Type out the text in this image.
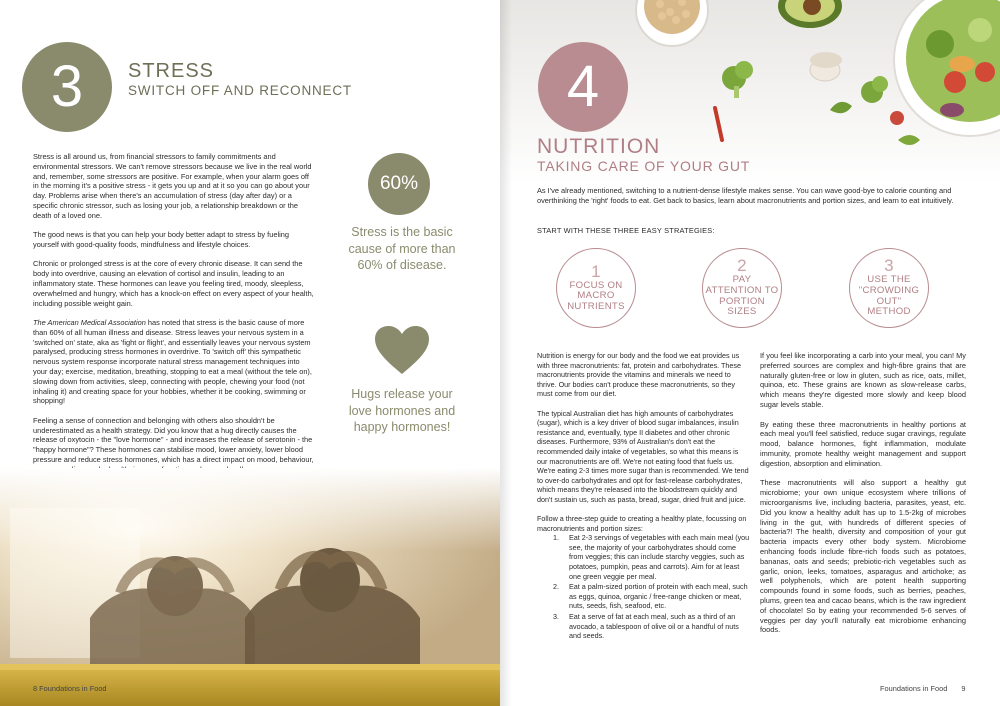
3	STRESS
SWITCH OFF AND RECONNECT

Stress is all around us, from financial stressors to family commitments and environmental stressors. We can't remove stressors because we live in the real world and, remember, some stressors are positive. For example, when your alarm goes off in the morning it's a positive stress - it gets you up and at it so you can go about your day. Problems arise when there's an accumulation of stress (day after day) or a specific chronic stressor, such as losing your job, a relationship breakdown or the death of a loved one.

The good news is that you can help your body better adapt to stress by fueling yourself with good-quality foods, mindfulness and lifestyle choices.

Chronic or prolonged stress is at the core of every chronic disease. It can send the body into overdrive, causing an elevation of cortisol and insulin, leading to an inflammatory state. These hormones can leave you feeling tired, moody, sleepless, overwhelmed and hungry, which has a knock-on effect on every aspect of your health, including possible weight gain.

The American Medical Association has noted that stress is the basic cause of more than 60% of all human illness and disease. Stress leaves your nervous system in a 'switched on' state, aka as 'fight or flight', and essentially leaves your nervous system paralysed, producing stress hormones in overdrive. To 'switch off' this sympathetic nervous system response incorporate natural stress management techniques into your day; exercise, meditation, breathing, stopping to eat a meal (without the tele on), slowing down from activities, sleep, connecting with people, chewing your food (not inhaling it) and creating space for your hobbies, whether it be cooking, swimming or shopping!

Feeling a sense of connection and belonging with others also shouldn't be underestimated as a health strategy. Did you know that a hug directly causes the release of oxytocin - the "love hormone" - and increases the release of serotonin - the "happy hormone"? These hormones can stabilise mood, lower anxiety, lower blood pressure and reduce stress hormones, which has a direct impact on mood, behaviour,

60%
Stress is the basic cause of more than 60% of disease.
Hugs release your love hormones and happy hormones!
8 Foundations in Food
4
NUTRITION
TAKING CARE OF YOUR GUT
As I've already mentioned, switching to a nutrient-dense lifestyle makes sense. You can wave good-bye to calorie counting and overthinking the 'right' foods to eat. Get back to basics, learn about macronutrients and portion sizes, and learn to eat intuitively.
START WITH THESE THREE EASY STRATEGIES:
1
FOCUS ON
MACRO
NUTRIENTS
2
PAY
ATTENTION TO
PORTION
SIZES
3
USE THE
"CROWDING
OUT"
METHOD

Nutrition is energy for our body and the food we eat provides us with three macronutrients: fat, protein and carbohydrates. These macronutrients provide the vitamins and minerals we need to thrive. Our bodies can't produce these macronutrients, so they must come from our diet.

The typical Australian diet has high amounts of carbohydrates (sugar), which is a key driver of blood sugar imbalances, insulin resistance and, eventually, type II diabetes and other chronic diseases. Furthermore, 93% of Australian's don't eat the recommended daily intake of vegetables, so what this means is our macronutrients are off. We're not eating food that fuels us. We're eating 2-3 times more sugar than is recommended. We tend to over-do carbohydrates and opt for fast-release carbohydrates, which means they're released into the bloodstream quickly and don't sustain us, such as pasta, bread, sugar, dried fruit and juice.

Follow a three-step guide to creating a healthy plate, focussing on macronutrients and portion sizes:

1. Eat 2-3 servings of vegetables with each main meal (you see, the majority of your carbohydrates should come from veggies; this can include starchy veggies, such as potatoes, pumpkin, peas and carrots). Aim for at least one green veggie per meal.
2. Eat a palm-sized portion of protein with each meal, such as eggs, quinoa, organic / free-range chicken or meat, nuts, seeds, fish, seafood, etc.
3. Eat a serve of fat at each meal, such as a third of an avocado, a tablespoon of olive oil or a handful of nuts and seeds.

If you feel like incorporating a carb into your meal, you can! My preferred sources are complex and high-fibre grains that are naturally gluten-free or low in gluten, such as rice, oats, millet, quinoa, etc. These grains are known as slow-release carbs, which means they're digested more slowly and keep blood sugar levels stable.

By eating these three macronutrients in healthy portions at each meal you'll feel satisfied, reduce sugar cravings, regulate mood, balance hormones, fight inflammation, modulate immunity, promote healthy weight management and support digestion, absorption and elimination.

These macronutrients will also support a healthy gut microbiome; your own unique ecosystem where trillions of microorganisms live, including bacteria, parasites, yeast, etc. Did you know a healthy adult has up to 1.5-2kg of microbes living in the gut, with hundreds of different species of bacteria?! The health, diversity and composition of your gut bacteria impacts every other body system. Microbiome enhancing foods include fibre-rich foods such as potatoes, bananas, oats and seeds; prebiotic-rich vegetables such as garlic, onion, leeks, tomatoes, asparagus and artichoke; as well polyphenols, which are potent health supporting compounds found in some foods, such as berries, peaches, plums, green tea and cacao beans, which is the raw ingredient of chocolate! So by eating your recommended 5-6 serves of veggies per day you'll naturally eat microbiome enhancing foods.

Foundations in Food 9
